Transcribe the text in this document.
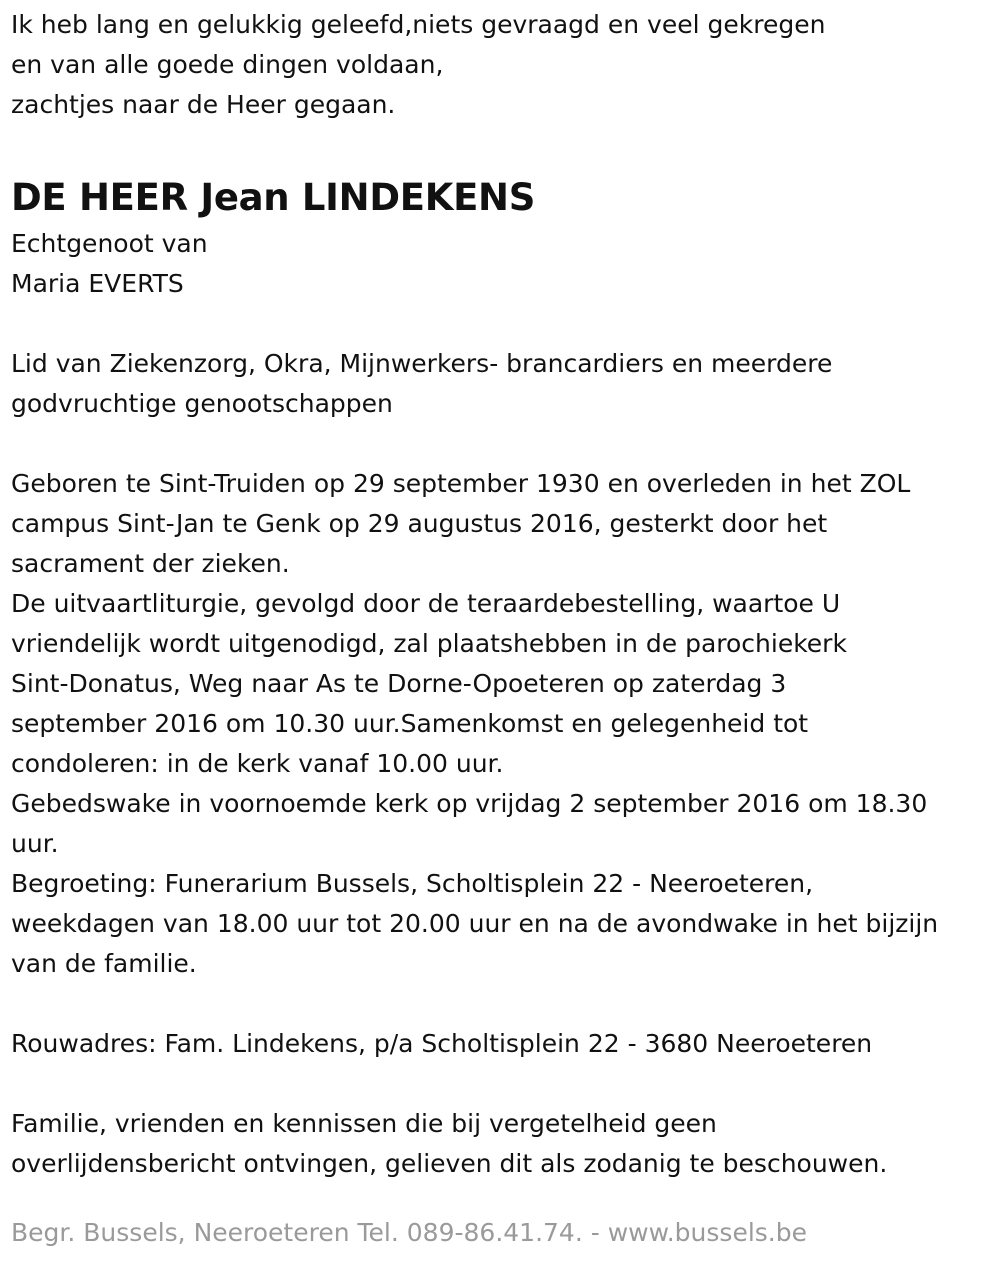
Ik heb lang en gelukkig geleefd,niets gevraagd en veel gekregen
en van alle goede dingen voldaan,
zachtjes naar de Heer gegaan.
DE HEER Jean LINDEKENS
Echtgenoot van
Maria EVERTS
Lid van Ziekenzorg, Okra, Mijnwerkers- brancardiers en meerdere
godvruchtige genootschappen
Geboren te Sint-Truiden op 29 september 1930 en overleden in het ZOL
campus Sint-Jan te Genk op 29 augustus 2016, gesterkt door het
sacrament der zieken.
De uitvaartliturgie, gevolgd door de teraardebestelling, waartoe U
vriendelijk wordt uitgenodigd, zal plaatshebben in de parochiekerk
Sint-Donatus, Weg naar As te Dorne-Opoeteren op zaterdag 3
september 2016 om 10.30 uur.Samenkomst en gelegenheid tot
condoleren: in de kerk vanaf 10.00 uur.
Gebedswake in voornoemde kerk op vrijdag 2 september 2016 om 18.30
uur.
Begroeting: Funerarium Bussels, Scholtisplein 22 - Neeroeteren,
weekdagen van 18.00 uur tot 20.00 uur en na de avondwake in het bijzijn
van de familie.
Rouwadres: Fam. Lindekens, p/a Scholtisplein 22 - 3680 Neeroeteren
Familie, vrienden en kennissen die bij vergetelheid geen
overlijdensbericht ontvingen, gelieven dit als zodanig te beschouwen.
Begr. Bussels, Neeroeteren Tel. 089-86.41.74. - www.bussels.be
